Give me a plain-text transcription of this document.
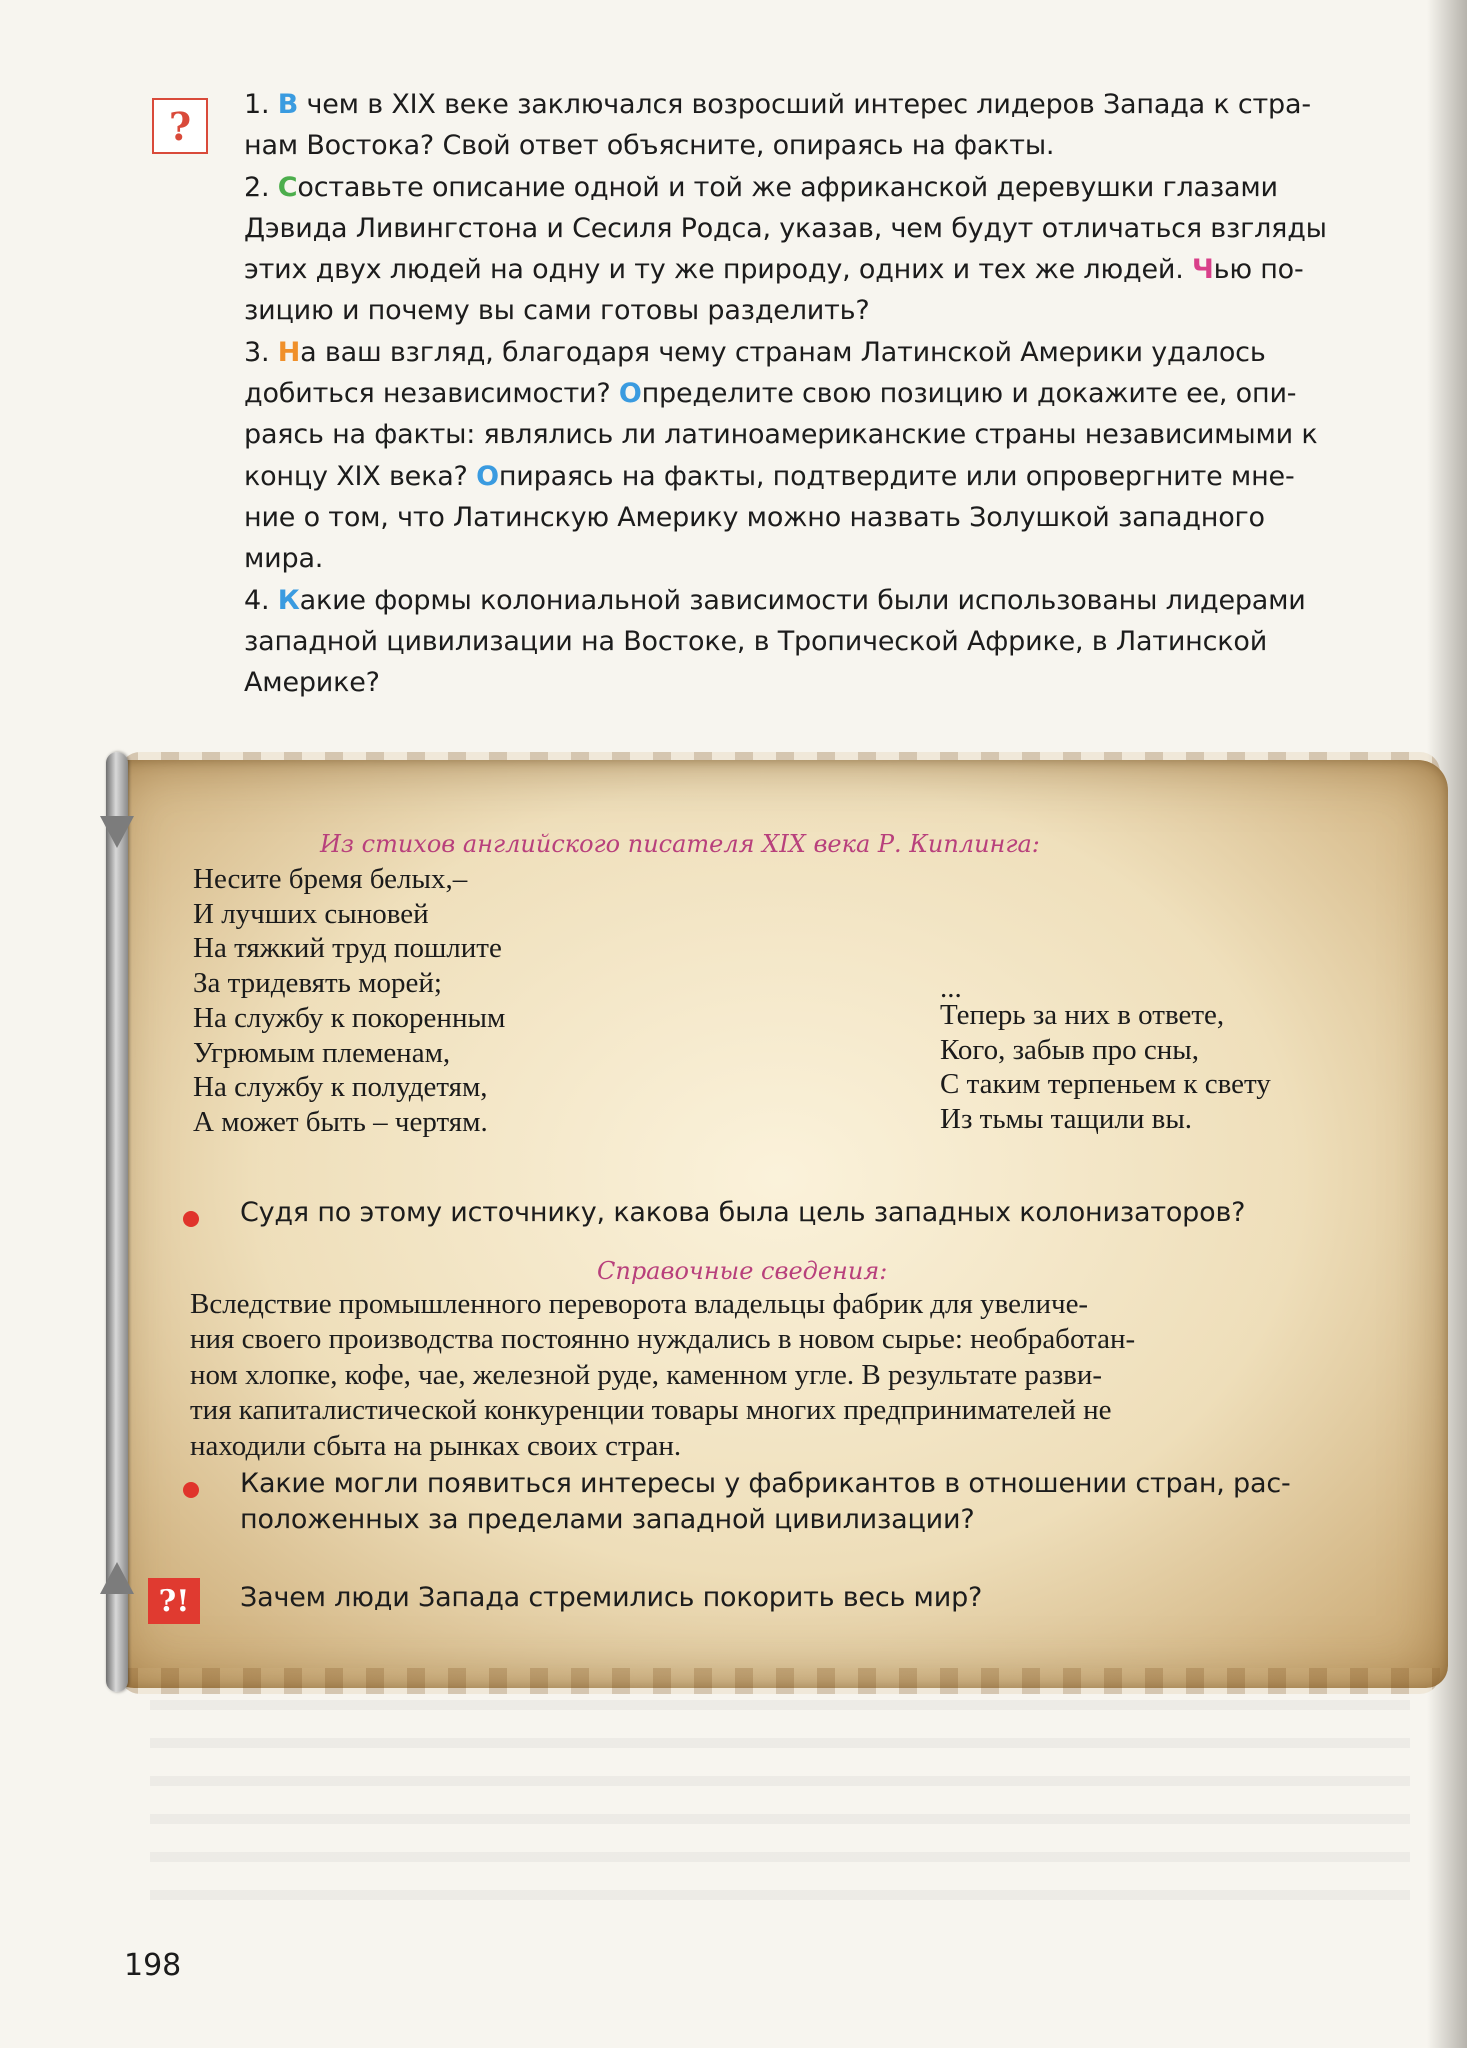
?	1. В чем в XIX веке заключался возросший интерес лидеров Запада к стра-
нам Востока? Свой ответ объясните, опираясь на факты.
2. Составьте описание одной и той же африканской деревушки глазами
Дэвида Ливингстона и Сесиля Родса, указав, чем будут отличаться взгляды
этих двух людей на одну и ту же природу, одних и тех же людей. Чью по-
зицию и почему вы сами готовы разделить?
3. На ваш взгляд, благодаря чему странам Латинской Америки удалось
добиться независимости? Определите свою позицию и докажите ее, опи-
раясь на факты: являлись ли латиноамериканские страны независимыми к
концу XIX века? Опираясь на факты, подтвердите или опровергните мне-
ние о том, что Латинскую Америку можно назвать Золушкой западного
мира.
4. Какие формы колониальной зависимости были использованы лидерами
западной цивилизации на Востоке, в Тропической Африке, в Латинской
Америке?
Из стихов английского писателя XIX века Р. Киплинга:
Несите бремя белых,–
И лучших сыновей
На тяжкий труд пошлите
За тридевять морей;
На службу к покоренным
Угрюмым племенам,
На службу к полудетям,
А может быть – чертям.
...
Теперь за них в ответе,
Кого, забыв про сны,
С таким терпеньем к свету
Из тьмы тащили вы.
Судя по этому источнику, какова была цель западных колонизаторов?
Справочные сведения:
Вследствие промышленного переворота владельцы фабрик для увеличе-
ния своего производства постоянно нуждались в новом сырье: необработан-
ном хлопке, кофе, чае, железной руде, каменном угле. В результате разви-
тия капиталистической конкуренции товары многих предпринимателей не
находили сбыта на рынках своих стран.
Какие могли появиться интересы у фабрикантов в отношении стран, рас-
положенных за пределами западной цивилизации?
?!	Зачем люди Запада стремились покорить весь мир?
198
